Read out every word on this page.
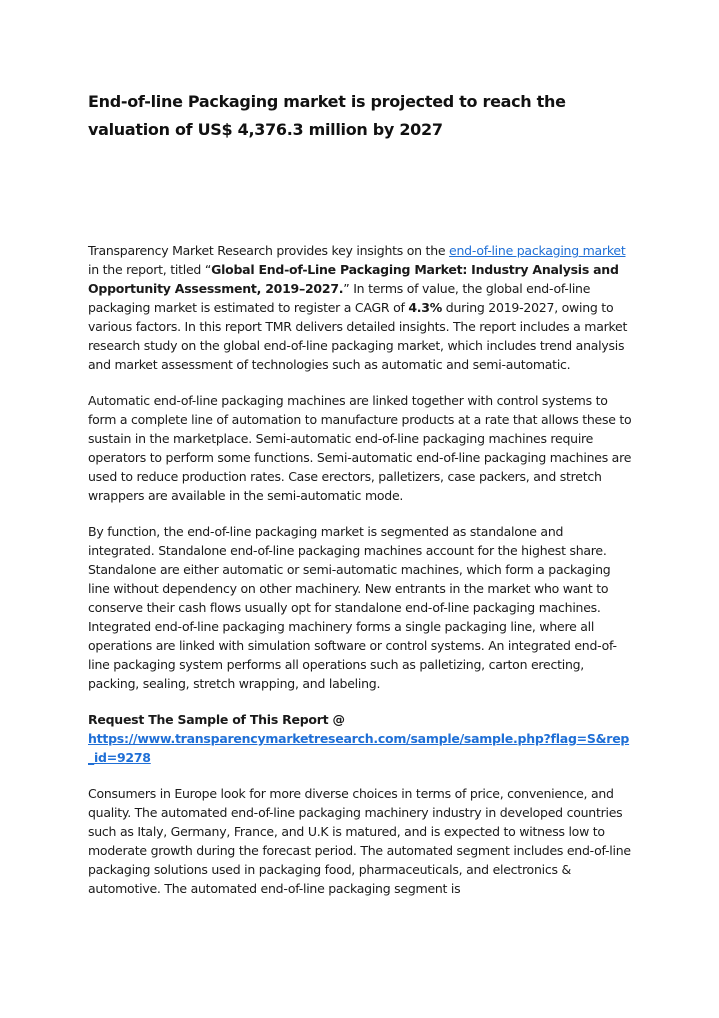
End-of-line Packaging market is projected to reach the valuation of US$ 4,376.3 million by 2027

Transparency Market Research provides key insights on the end-of-line packaging market in the report, titled “Global End-of-Line Packaging Market: Industry Analysis and Opportunity Assessment, 2019–2027.” In terms of value, the global end-of-line packaging market is estimated to register a CAGR of 4.3% during 2019-2027, owing to various factors. In this report TMR delivers detailed insights. The report includes a market research study on the global end-of-line packaging market, which includes trend analysis and market assessment of technologies such as automatic and semi-automatic.

Automatic end-of-line packaging machines are linked together with control systems to form a complete line of automation to manufacture products at a rate that allows these to sustain in the marketplace. Semi-automatic end-of-line packaging machines require operators to perform some functions. Semi-automatic end-of-line packaging machines are used to reduce production rates. Case erectors, palletizers, case packers, and stretch wrappers are available in the semi-automatic mode.

By function, the end-of-line packaging market is segmented as standalone and integrated. Standalone end-of-line packaging machines account for the highest share. Standalone are either automatic or semi-automatic machines, which form a packaging line without dependency on other machinery. New entrants in the market who want to conserve their cash flows usually opt for standalone end-of-line packaging machines. Integrated end-of-line packaging machinery forms a single packaging line, where all operations are linked with simulation software or control systems. An integrated end-of-line packaging system performs all operations such as palletizing, carton erecting, packing, sealing, stretch wrapping, and labeling.

Request The Sample of This Report @
https://www.transparencymarketresearch.com/sample/sample.php?flag=S&rep_id=9278

Consumers in Europe look for more diverse choices in terms of price, convenience, and quality. The automated end-of-line packaging machinery industry in developed countries such as Italy, Germany, France, and U.K is matured, and is expected to witness low to moderate growth during the forecast period. The automated segment includes end-of-line packaging solutions used in packaging food, pharmaceuticals, and electronics & automotive. The automated end-of-line packaging segment is
